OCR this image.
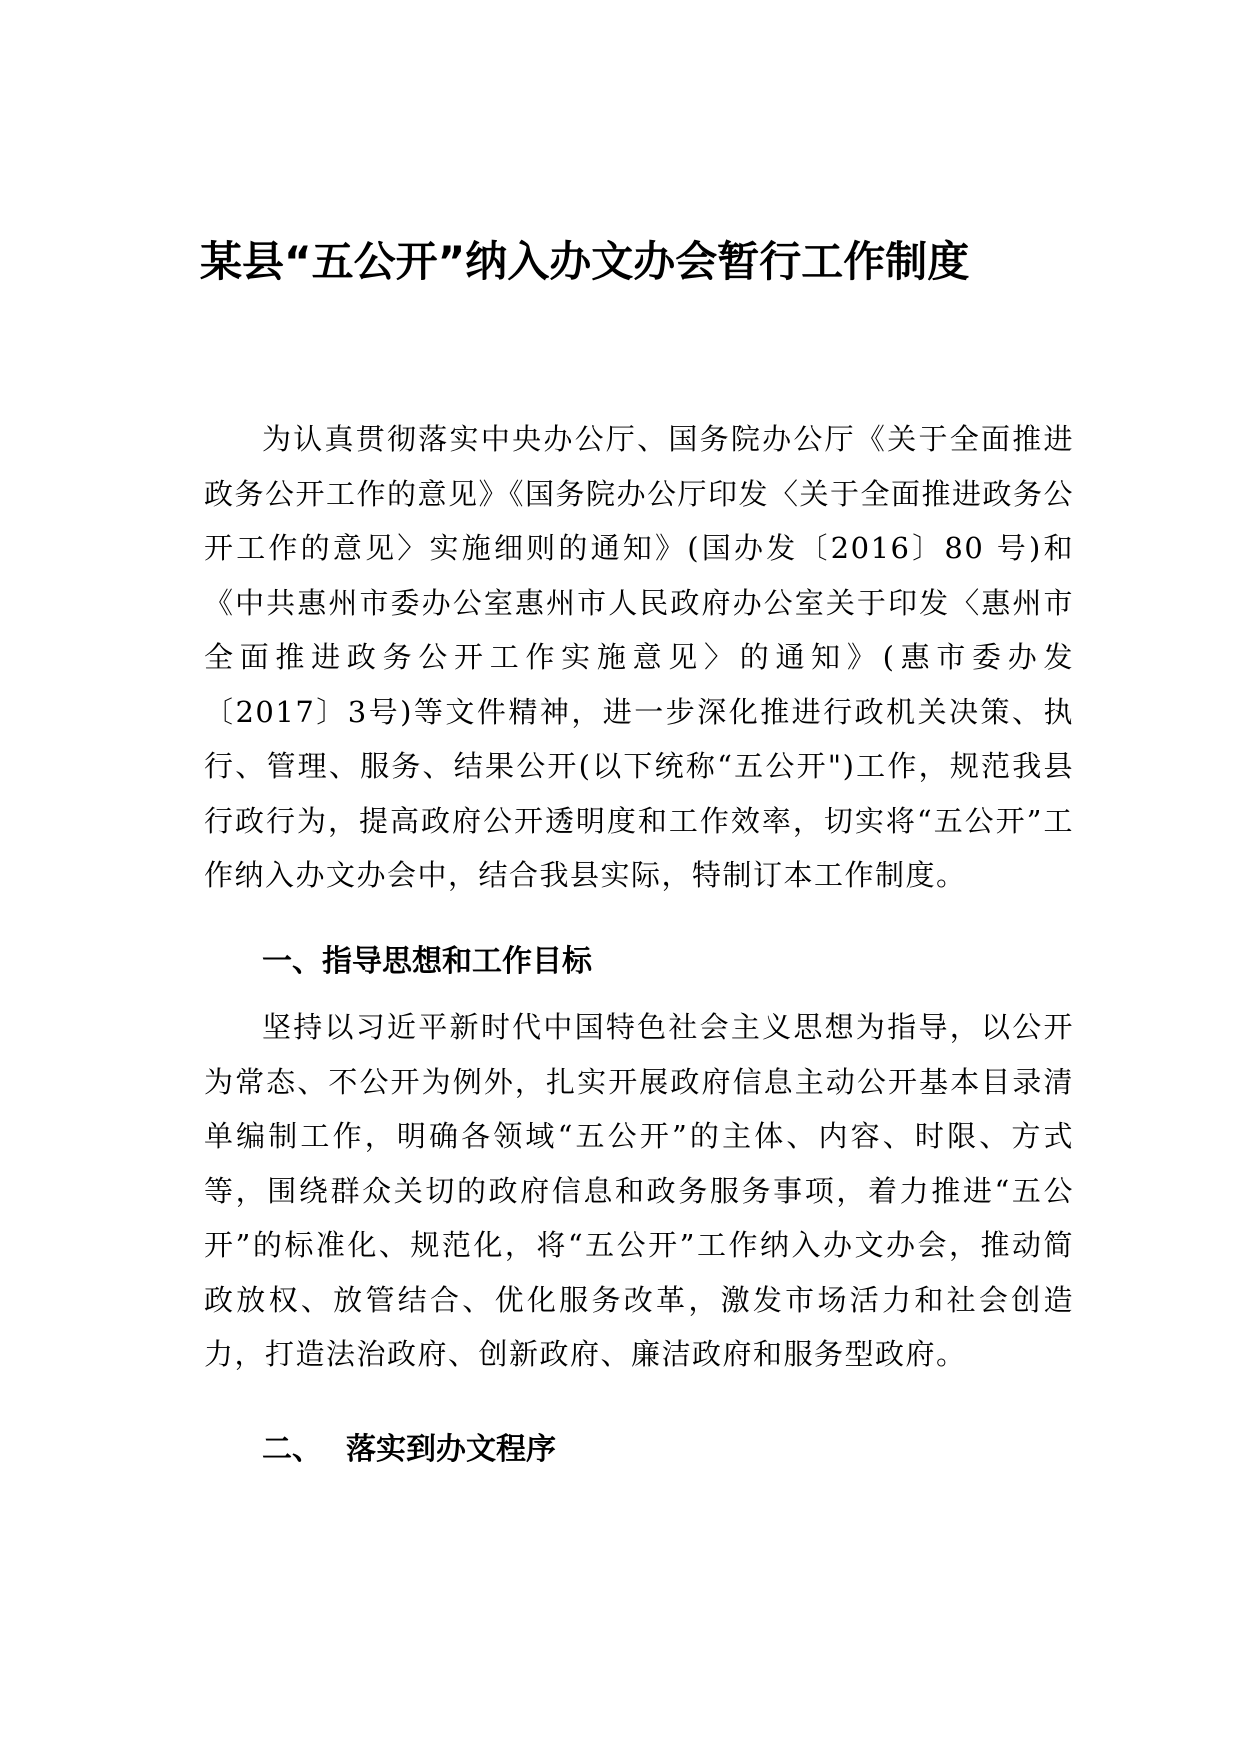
某县“五公开”纳入办文办会暂行工作制度

为认真贯彻落实中央办公厅、国务院办公厅《关于全面推进政务公开工作的意见》《国务院办公厅印发〈关于全面推进政务公开工作的意见〉实施细则的通知》(国办发〔2016〕80 号)和《中共惠州市委办公室惠州市人民政府办公室关于印发〈惠州市全面推进政务公开工作实施意见〉的通知》(惠市委办发〔2017〕3号)等文件精神，进一步深化推进行政机关决策、执行、管理、服务、结果公开(以下统称“五公开")工作，规范我县行政行为，提高政府公开透明度和工作效率，切实将“五公开”工作纳入办文办会中，结合我县实际，特制订本工作制度。

一、指导思想和工作目标

坚持以习近平新时代中国特色社会主义思想为指导，以公开为常态、不公开为例外，扎实开展政府信息主动公开基本目录清单编制工作，明确各领域“五公开”的主体、内容、时限、方式等，围绕群众关切的政府信息和政务服务事项，着力推进“五公开”的标准化、规范化，将“五公开”工作纳入办文办会，推动简政放权、放管结合、优化服务改革，激发市场活力和社会创造力，打造法治政府、创新政府、廉洁政府和服务型政府。

二、 落实到办文程序
